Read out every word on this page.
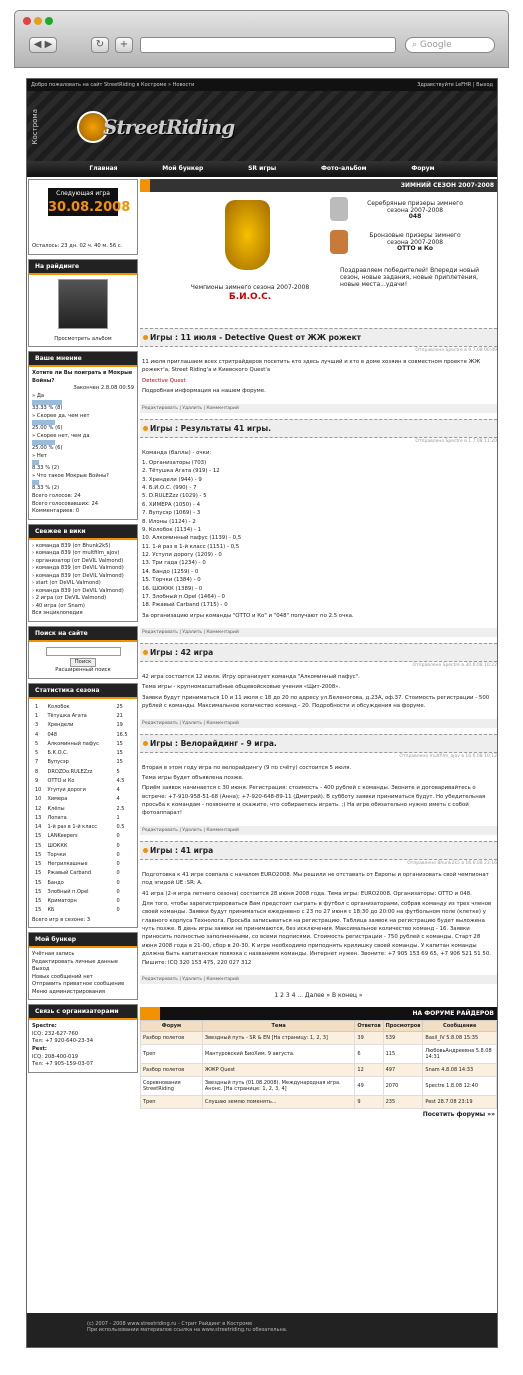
◀ ▶	↻	+	⌕ Google
Добро пожаловать на сайт StreetRiding в Костроме » Новости	Здравствуйте LeFHR | Выход
Кострома	StreetRiding
Главная	Мой бункер	SR игры	Фото-альбом	Форум
Следующая игра
30.08.2008
Осталось: 23 дн. 02 ч. 40 м. 56 с.
На райдинге
Просмотреть альбом
Ваше мнение
Хотите ли Вы поиграть в Мокрые Войны?
Закончен 2.8.08 00:59
» Да
33.33 % (8)
» Скорее да, чем нет
25.00 % (6)
» Скорее нет, чем да
25.00 % (6)
» Нет
8.33 % (2)
» Что такое Мокрые Войны?
8.33 % (2)
Всего голосов: 24
Всего голосовавших: 24
Комментариев: 0
Свежее в вики
› команда 839 (от Bhunk2k5)
› команда 839 (от multfilm_ajov)
› организатор (от DeVIL Valmond)
› команда 839 (от DeVIL Valmond)
› команда 839 (от DeVIL Valmond)
› start (от DeVIL Valmond)
› команда 839 (от DeVIL Valmond)
› 2 игра (от DeVIL Valmond)
› 40 игра (от Snam)
Вся энциклопедия
Поиск на сайте
Поиск
Расширенный поиск
Статистика сезона
1	Колобок	25
1	Тётушка Агата	21
3	Хрендели	19
4	048	16.5
5	Алкоминный пафус	15
5	Б.К.О.С.	15
7	Вупусэр	15
8	DROZDo.RULEZzz	5
9	OTTO и Ко	4.5
10	Угупуи дороги	4
10	Химера	4
12	Клёпы	2.5
13	Лопата	1
14	1-й раз в 1-й класс	0.5
15	LANKeepers	0
15	ШОККК	0
15	Торчки	0
15	Негрилкашные	0
15	Ржавый Carband	0
15	Бандо	0
15	Злобный п.Opel	0
15	Криматорн	0
15	КБ	0
Всего игр в сезоне: 3
Мой бункер
Учётная запись
Редактировать личные данные
Выход
Новых сообщений нет
Отправить приватное сообщение
Меню администрирования
Связь с организаторами
Spectre:
ICQ: 232-627-760
Тел: +7 920-640-23-34
Pest:
ICQ: 208-400-019
Тел: +7 905-159-03-07
ЗИМНИЙ СЕЗОН 2007-2008
Чемпионы зимнего сезона 2007-2008
Б.И.О.С.
Серебряные призеры зимнего сезона 2007-2008
048
Бронзовые призеры зимнего сезона 2007-2008
OTTO и Ко
Поздравляем победителей! Впереди новый сезон, новые задания, новые приплетения, новые места...удачи!
Игры : 11 июля - Detective Quest от ЖЖ рожект
Отправлено Spectre в 9.7.08 00:49

11 июля приглашаем всех стритрайдеров посетить кто здесь лучший и кто в доме хозяин в совместном проекте ЖЖ рожект'а, Street Riding'a и Киевского Quest'a

Detective Quest

Подробная информация на нашем форуме.

Редактировать | Удалить | Комментарий
Игры : Результаты 41 игры.
Отправлено Spectre в 1.7.08 11:20

Команда (баллы) - очки:

1. Организаторы (703)
2. Тётушка Агата (919) - 12
3. Хрендели (944) - 9
4. Б.И.О.С. (990) - 7
5. D.RULEZzz (1029) - 5
6. ХИМЕРА (1050) - 4
7. Вупусэр (1069) - 3
8. Илоны (1124) - 2
9. Колобок (1134) - 1
10. Алкоминный пафус (1139) - 0,5
11. 1-й раз в 1-й класс (1151) - 0,5
12. Уступи дорогу (1209) - 0
13. Три гада (1234) - 0
14. Бандо (1259) - 0
15. Торчки (1384) - 0
16. ШОККК (1389) - 0
17. Злобный п.Opel (1464) - 0
18. Ржавый Carband (1715) - 0

За организацию игры команды "OTTO и Ко" и "048" получают по 2.5 очка.

Редактировать | Удалить | Комментарий
Игры : 42 игра
Отправлено Spectre в 30.6.08 10:22

42 игра состоится 12 июля. Игру организует команда "Алкоминный пафус".

Тема игры - крупномасштабные общевойсковые учения «Щит-2008».

Заявки будут приниматься 10 и 11 июля с 18 до 20 по адресу ул.Беленогова, д.23А, оф.37. Стоимость регистрации - 500 рублей с команды. Максимальное количество команд - 20. Подробности и обсуждения на форуме.

Редактировать | Удалить | Комментарий
Игры : Велорайдинг - 9 игра.
Отправлено multfilm_ajov в 16.6.08 10:12

Вторая в этом году игра по велорайдингу (9 по счёту) состоится 5 июля.

Тема игры будет объявлена позже.

Приём заявок начинается с 30 июня. Регистрация: стоимость - 400 рублей с команды. Звоните и договаривайтесь о встрече: +7-910-958-51-68 (Анна); +7-920-648-89-11 (Дмитрий). В субботу заявки приниматься будут. Но убедительная просьба к командам - позвоните и скажите, что собираетесь играть. ;) На игре обязательно нужно иметь с собой фотоаппарат!

Редактировать | Удалить | Комментарий
Игры : 41 игра
Отправлено Bhunk2k5 в 16.6.08 23:16

Подготовка к 41 игре совпала с началом EURO2008. Мы решили не отставать от Европы и организовать свой чемпионат под эгидой UE :SR: A.

41 игра (2-я игра летнего сезона) состоится 28 июня 2008 года. Тема игры: EURO2008. Организаторы: OTTO и 048.

Для того, чтобы зарегистрироваться Вам предстоит сыграть в футбол с организаторами, собрав команду из трех членов своей команды. Заявки будут приниматься ежедневно с 23 по 27 июня с 18:30 до 20:00 на футбольном поле (клетке) у главного корпуса Технолога. Просьба записываться на регистрацию. Таблица заявок на регистрацию будет выложена чуть позже. В день игры заявки не принимаются, без исключения. Максимальное количество команд - 16. Заявки приносить полностью заполненными, со всеми подписями. Стоимость регистрации - 750 рублей с команды. Старт 28 июня 2008 года в 21-00, сбор в 20-30. К игре необходимо приподнять крилишку своей команды. У капитан команды должна быть капитанская повязка с названием команды. Интернет нужен. Звоните: +7 905 153 69 65, +7 906 521 51 50. Пишите: ICQ 320 153 475, 220 027 312

Редактировать | Удалить | Комментарий
1 2 3 4 ... Далее » В конец »
НА ФОРУМЕ РАЙДЕРОВ
Форум	Тема	Ответов	Просмотров	Сообщение
Разбор полетов	Звездный путь - SR & EN [На страницу: 1, 2, 3]	39	539	Basil_IV 5.8.08 15:35
Треп	Мантуровский БиоХим. 9 августа.	6	115	ЛюбовьАндреевна 5.8.08 14:31
Разбор полетов	ЖЖР Quest	12	497	Snam 4.8.08 14:33
Соревнования StreetRiding	Звездный путь (01.08.2008). Международная игра. Анонс. [На странице: 1, 2, 3, 4]	49	2070	Spectre 1.8.08 12:40
Треп	Слушаю землю поменять...	9	235	Pest 28.7.08 23:19
Посетить форумы »»
(c) 2007 - 2008 www.streetriding.ru - Стрит Райдинг в Костроме
При использовании материалов ссылка на www.streetriding.ru обязательна.
